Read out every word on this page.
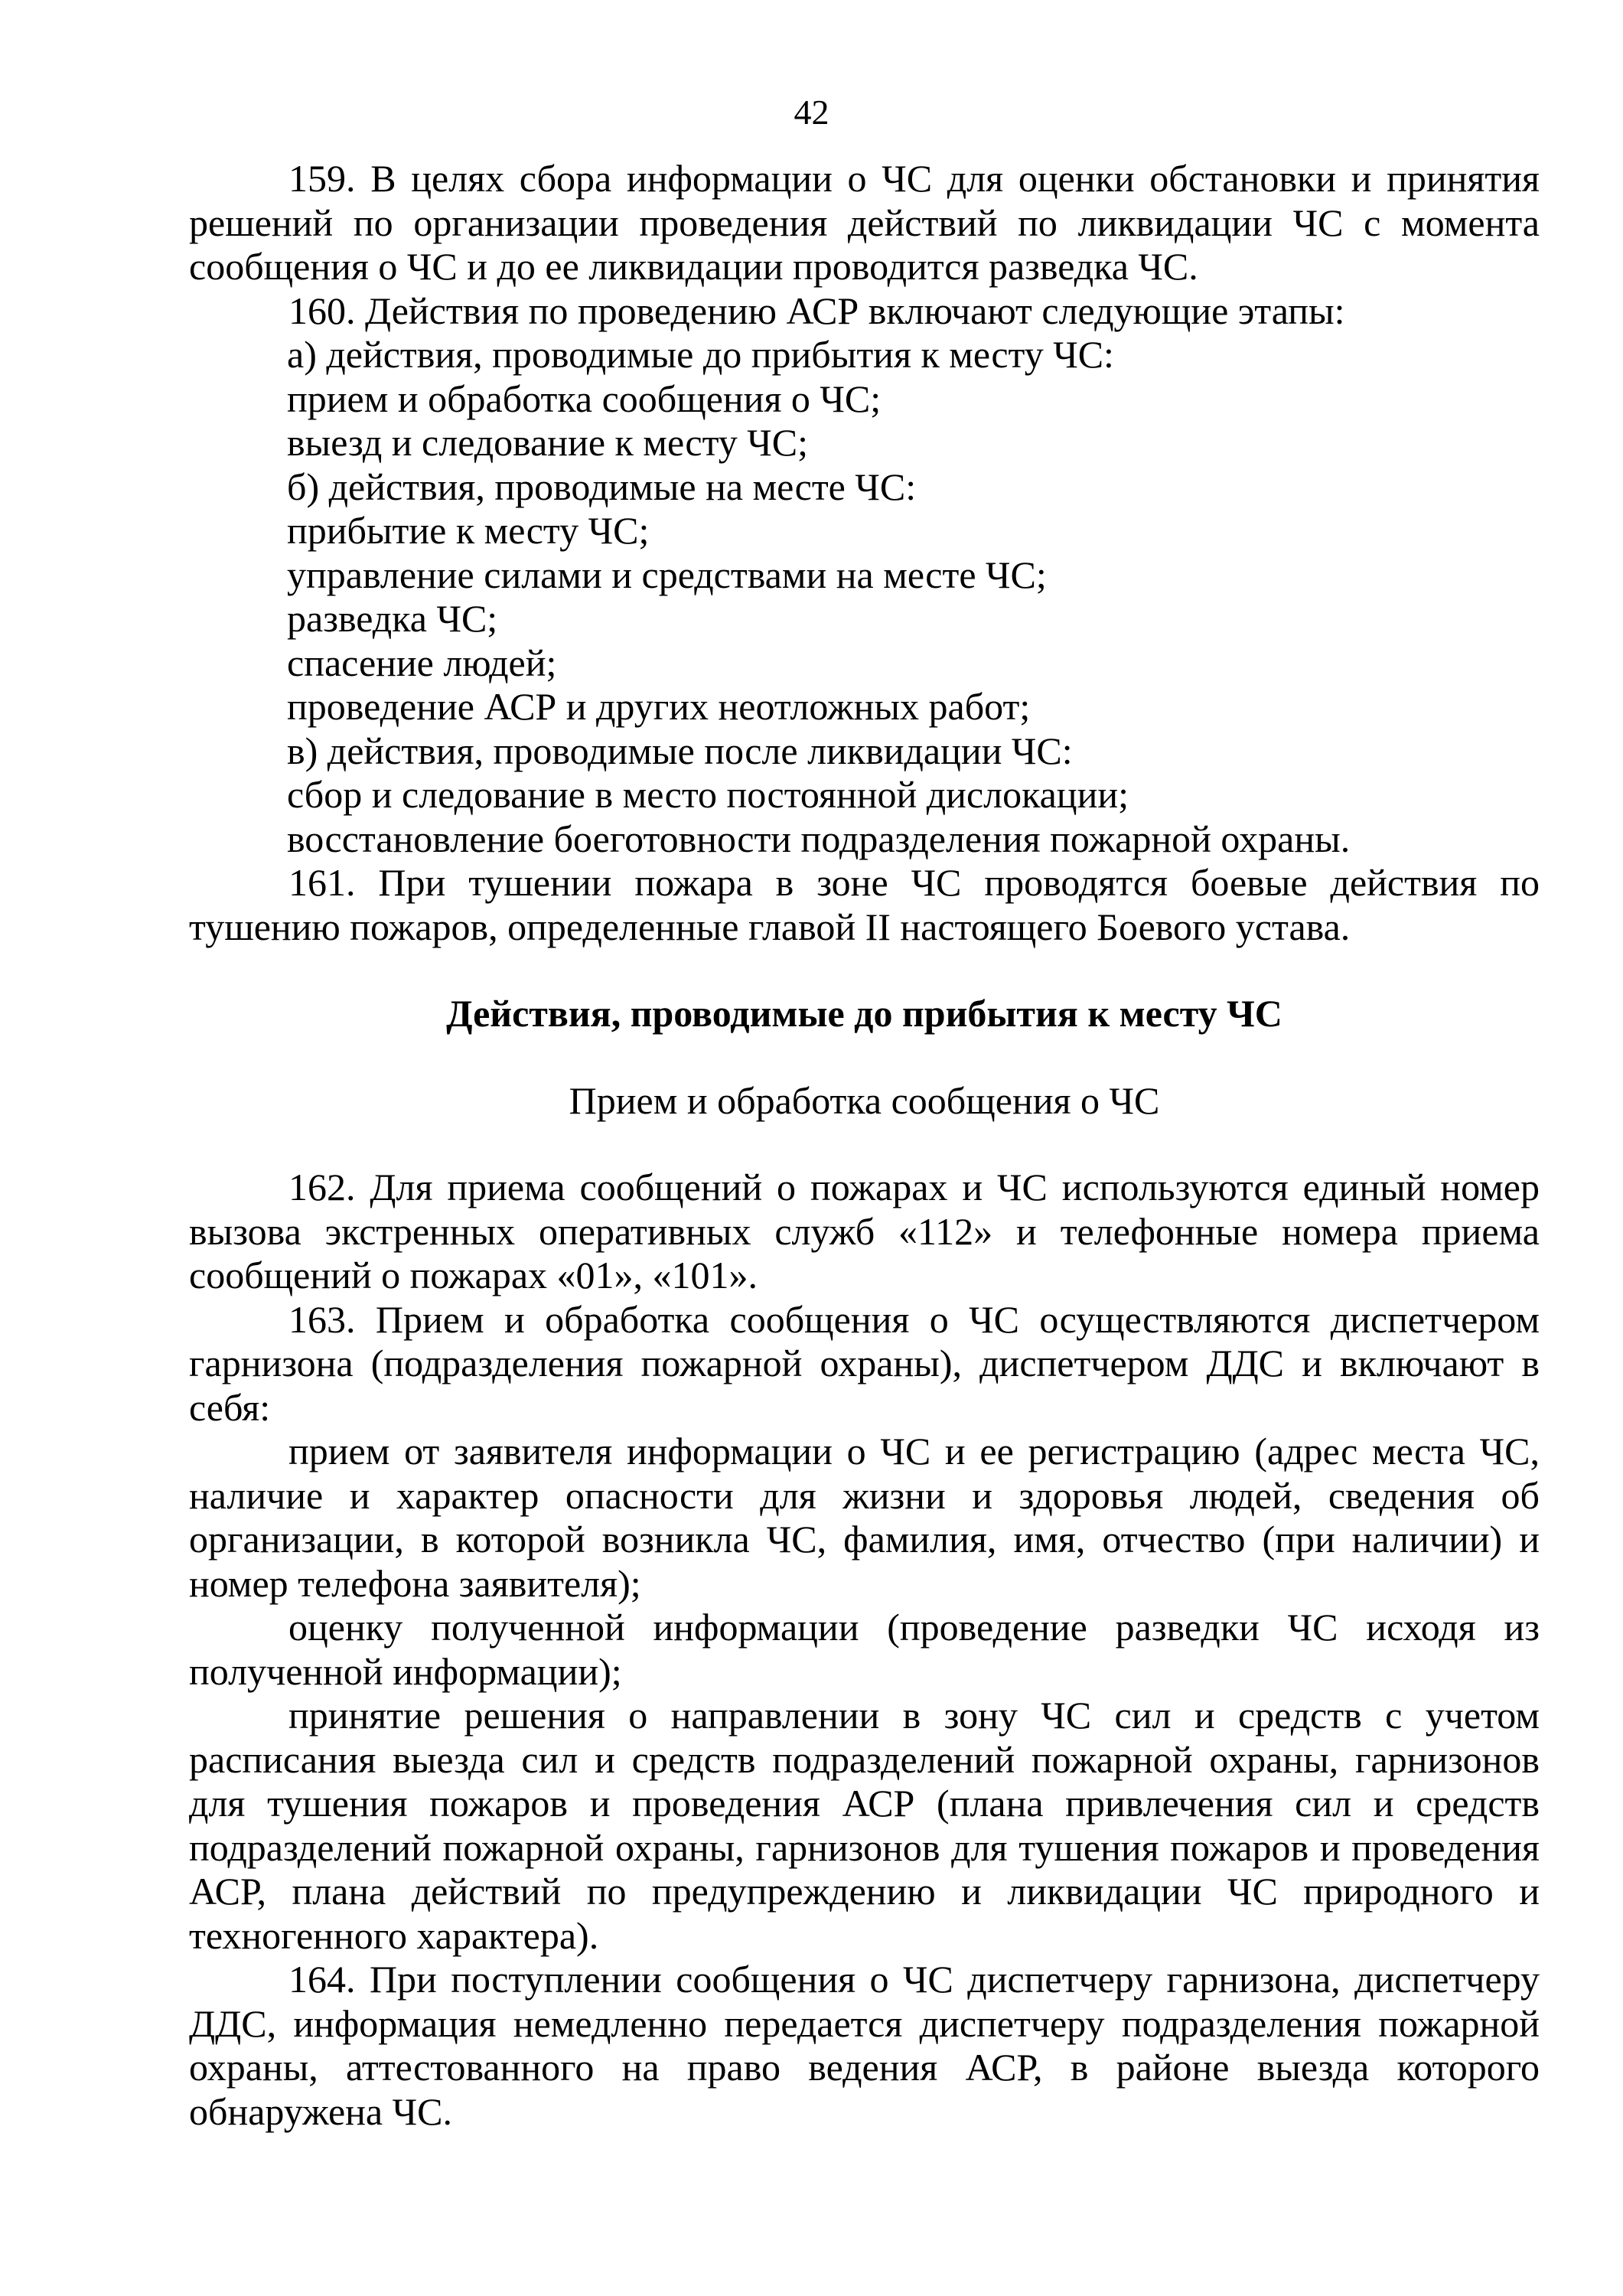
42

159. В целях сбора информации о ЧС для оценки обстановки и принятия решений по организации проведения действий по ликвидации ЧС с момента сообщения о ЧС и до ее ликвидации проводится разведка ЧС.

160. Действия по проведению АСР включают следующие этапы:

а) действия, проводимые до прибытия к месту ЧС:

прием и обработка сообщения о ЧС;

выезд и следование к месту ЧС;

б) действия, проводимые на месте ЧС:

прибытие к месту ЧС;

управление силами и средствами на месте ЧС;

разведка ЧС;

спасение людей;

проведение АСР и других неотложных работ;

в) действия, проводимые после ликвидации ЧС:

сбор и следование в место постоянной дислокации;

восстановление боеготовности подразделения пожарной охраны.

161. При тушении пожара в зоне ЧС проводятся боевые действия по тушению пожаров, определенные главой II настоящего Боевого устава.

Действия, проводимые до прибытия к месту ЧС

Прием и обработка сообщения о ЧС

162. Для приема сообщений о пожарах и ЧС используются единый номер вызова экстренных оперативных служб «112» и телефонные номера приема сообщений о пожарах «01», «101».

163. Прием и обработка сообщения о ЧС осуществляются диспетчером гарнизона (подразделения пожарной охраны), диспетчером ДДС и включают в себя:

прием от заявителя информации о ЧС и ее регистрацию (адрес места ЧС, наличие и характер опасности для жизни и здоровья людей, сведения об организации, в которой возникла ЧС, фамилия, имя, отчество (при наличии) и номер телефона заявителя);

оценку полученной информации (проведение разведки ЧС исходя из полученной информации);

принятие решения о направлении в зону ЧС сил и средств с учетом расписания выезда сил и средств подразделений пожарной охраны, гарнизонов для тушения пожаров и проведения АСР (плана привлечения сил и средств подразделений пожарной охраны, гарнизонов для тушения пожаров и проведения АСР, плана действий по предупреждению и ликвидации ЧС природного и техногенного характера).

164. При поступлении сообщения о ЧС диспетчеру гарнизона, диспетчеру ДДС, информация немедленно передается диспетчеру подразделения пожарной охраны, аттестованного на право ведения АСР, в районе выезда которого обнаружена ЧС.
